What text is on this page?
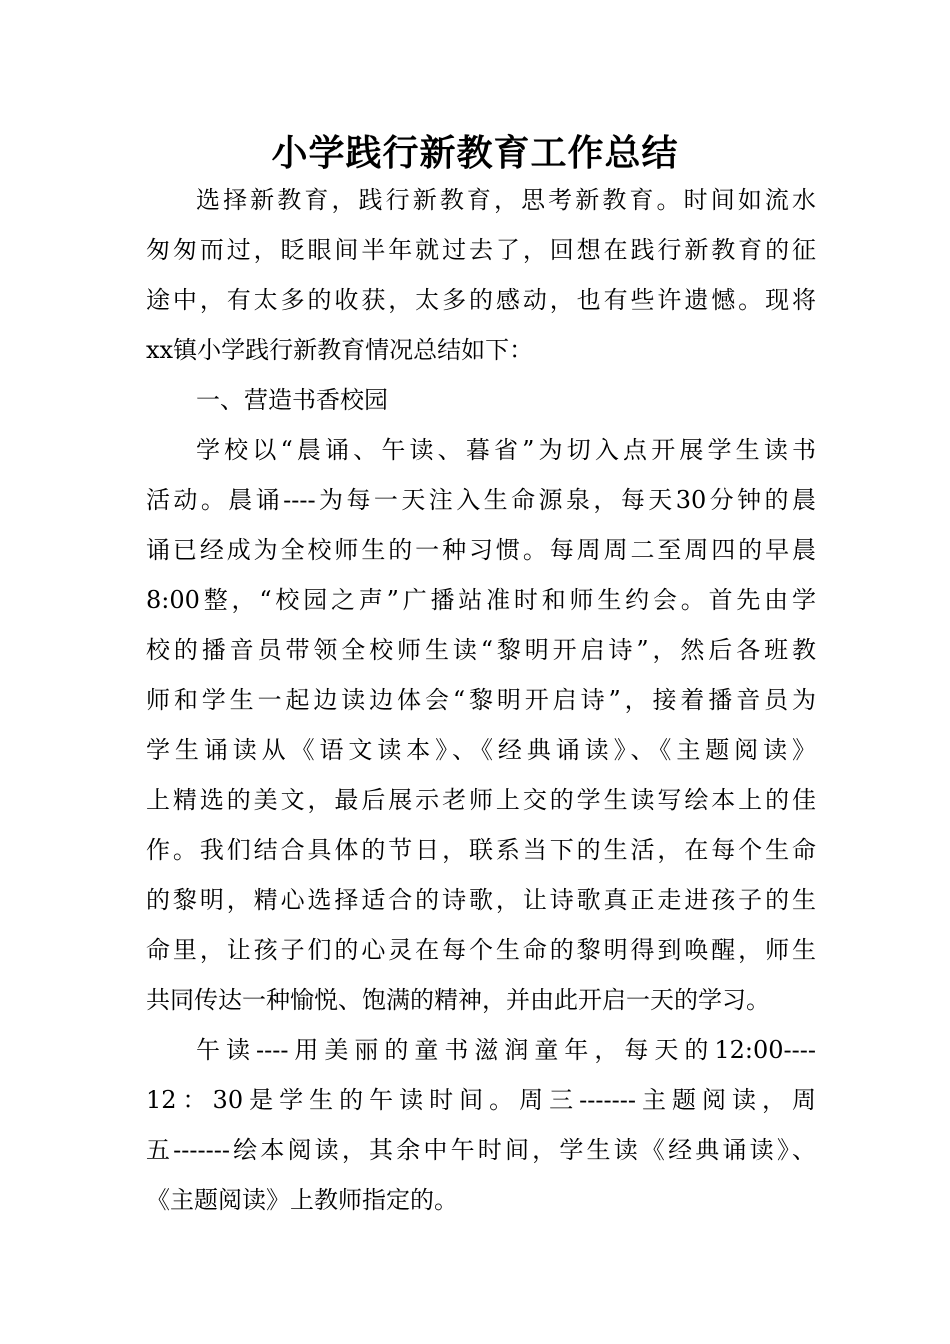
小学践行新教育工作总结
选择新教育，践行新教育，思考新教育。时间如流水
匆匆而过，眨眼间半年就过去了，回想在践行新教育的征
途中，有太多的收获，太多的感动，也有些许遗憾。现将
xx镇小学践行新教育情况总结如下：
一、营造书香校园
学校以“晨诵、午读、暮省”为切入点开展学生读书
活动。晨诵----为每一天注入生命源泉，每天30分钟的晨
诵已经成为全校师生的一种习惯。每周周二至周四的早晨
8:00整，“校园之声”广播站准时和师生约会。首先由学
校的播音员带领全校师生读“黎明开启诗”，然后各班教
师和学生一起边读边体会“黎明开启诗”，接着播音员为
学生诵读从《语文读本》、《经典诵读》、《主题阅读》
上精选的美文，最后展示老师上交的学生读写绘本上的佳
作。我们结合具体的节日，联系当下的生活，在每个生命
的黎明，精心选择适合的诗歌，让诗歌真正走进孩子的生
命里，让孩子们的心灵在每个生命的黎明得到唤醒，师生
共同传达一种愉悦、饱满的精神，并由此开启一天的学习。
午读----用美丽的童书滋润童年，每天的12:00----
12：30是学生的午读时间。周三-------主题阅读，周
五-------绘本阅读，其余中午时间，学生读《经典诵读》、
《主题阅读》上教师指定的。
